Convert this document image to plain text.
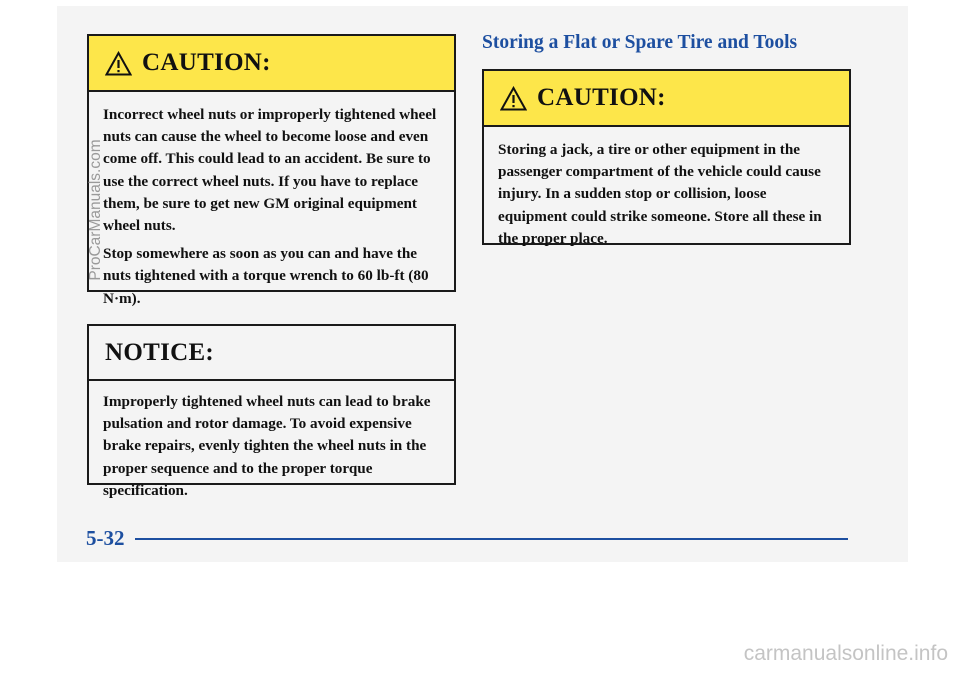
CAUTION:

Incorrect wheel nuts or improperly tightened wheel nuts can cause the wheel to become loose and even come off. This could lead to an accident. Be sure to use the correct wheel nuts. If you have to replace them, be sure to get new GM original equipment wheel nuts.

Stop somewhere as soon as you can and have the nuts tightened with a torque wrench to 60 lb-ft (80 N·m).

NOTICE:

Improperly tightened wheel nuts can lead to brake pulsation and rotor damage. To avoid expensive brake repairs, evenly tighten the wheel nuts in the proper sequence and to the proper torque specification.

Storing a Flat or Spare Tire and Tools
CAUTION:

Storing a jack, a tire or other equipment in the passenger compartment of the vehicle could cause injury. In a sudden stop or collision, loose equipment could strike someone. Store all these in the proper place.

5-32
ProCarManuals.com
carmanualsonline.info
